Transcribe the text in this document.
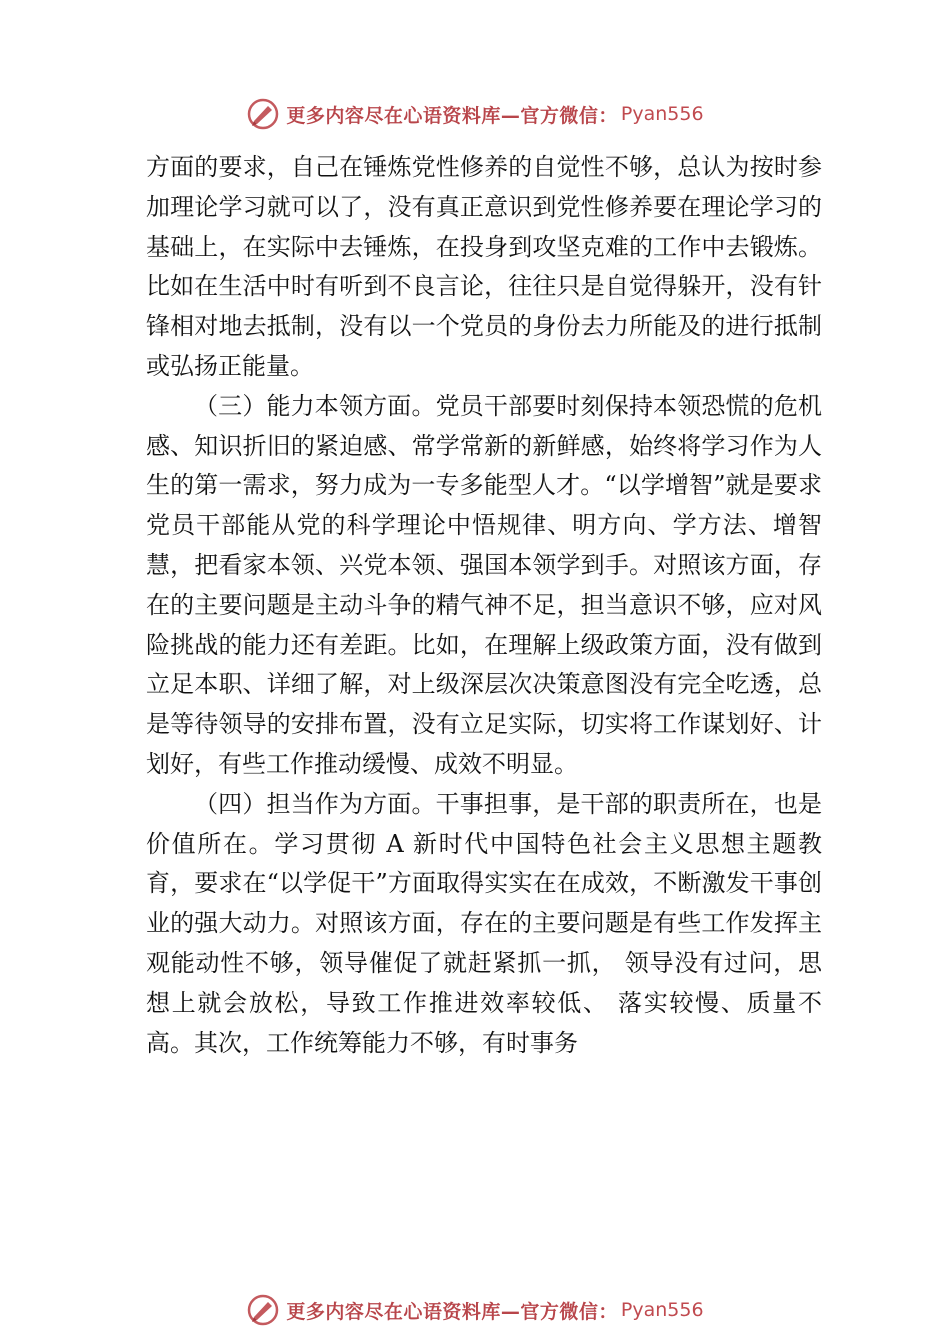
更多内容尽在心语资料库—官方微信： Pyan556

方面的要求，自己在锤炼党性修养的自觉性不够，总认为按时参加理论学习就可以了，没有真正意识到党性修养要在理论学习的基础上，在实际中去锤炼，在投身到攻坚克难的工作中去锻炼。比如在生活中时有听到不良言论，往往只是自觉得躲开，没有针锋相对地去抵制，没有以一个党员的身份去力所能及的进行抵制或弘扬正能量。

（三）能力本领方面。党员干部要时刻保持本领恐慌的危机感、知识折旧的紧迫感、常学常新的新鲜感，始终将学习作为人生的第一需求，努力成为一专多能型人才。“以学增智”就是要求党员干部能从党的科学理论中悟规律、明方向、学方法、增智慧，把看家本领、兴党本领、强国本领学到手。对照该方面，存在的主要问题是主动斗争的精气神不足，担当意识不够，应对风险挑战的能力还有差距。比如，在理解上级政策方面，没有做到立足本职、详细了解，对上级深层次决策意图没有完全吃透，总是等待领导的安排布置，没有立足实际，切实将工作谋划好、计划好，有些工作推动缓慢、成效不明显。

（四）担当作为方面。干事担事，是干部的职责所在，也是价值所在。学习贯彻 A 新时代中国特色社会主义思想主题教育，要求在“以学促干”方面取得实实在在成效，不断激发干事创业的强大动力。对照该方面，存在的主要问题是有些工作发挥主观能动性不够，领导催促了就赶紧抓一抓， 领导没有过问，思想上就会放松，导致工作推进效率较低、 落实较慢、质量不高。其次，工作统筹能力不够，有时事务

更多内容尽在心语资料库—官方微信： Pyan556
